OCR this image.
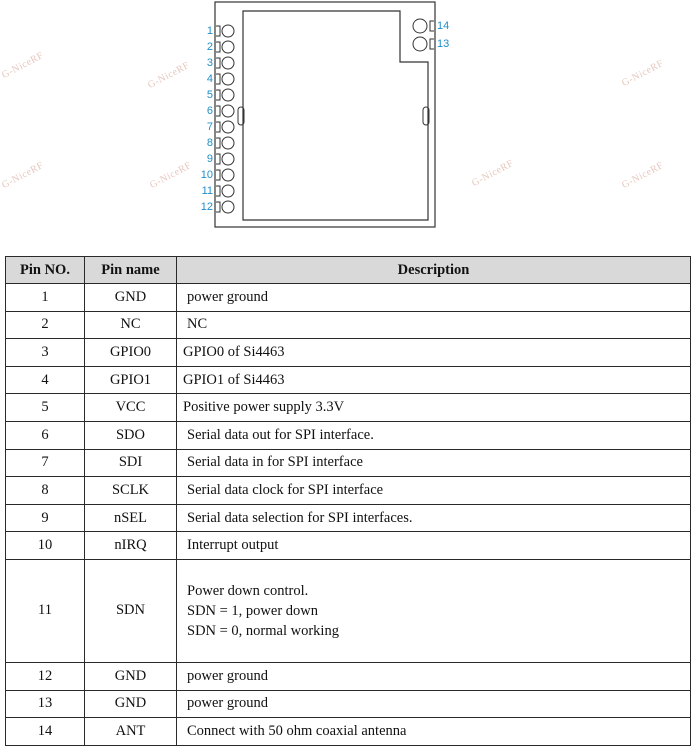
1
2
3
4
5
6
7
8
9
10
11
12
14
13
G-NiceRF
G-NiceRF
G-NiceRF
G-NiceRF
G-NiceRF
G-NiceRF
G-NiceRF
Pin NO.	Pin name	Description
1	GND	power ground
2	NC	NC
3	GPIO0	GPIO0 of Si4463
4	GPIO1	GPIO1 of Si4463
5	VCC	Positive power supply 3.3V
6	SDO	Serial data out for SPI interface.
7	SDI	Serial data in for SPI interface
8	SCLK	Serial data clock for SPI interface
9	nSEL	Serial data selection for SPI interfaces.
10	nIRQ	Interrupt output
11	SDN	Power down control.
SDN = 1, power down
SDN = 0, normal working

12	GND	power ground
13	GND	power ground
14	ANT	Connect with 50 ohm coaxial antenna
